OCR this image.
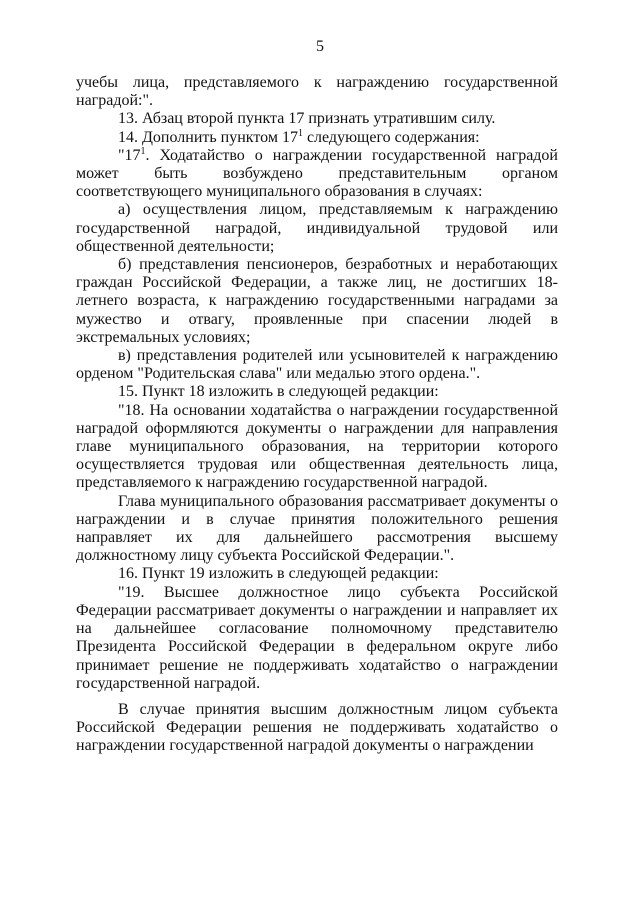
5

учебы лица, представляемого к награждению государственной наградой:".

13. Абзац второй пункта 17 признать утратившим силу.

14. Дополнить пунктом $17^1$ следующего содержания:

"$17^1$. Ходатайство о награждении государственной наградой может быть возбуждено представительным органом соответствующего муниципального образования в случаях:

а) осуществления лицом, представляемым к награждению государственной наградой, индивидуальной трудовой или общественной деятельности;

б) представления пенсионеров, безработных и неработающих граждан Российской Федерации, а также лиц, не достигших 18-летнего возраста, к награждению государственными наградами за мужество и отвагу, проявленные при спасении людей в экстремальных условиях;

в) представления родителей или усыновителей к награждению орденом "Родительская слава" или медалью этого ордена.".

15. Пункт 18 изложить в следующей редакции:

"18. На основании ходатайства о награждении государственной наградой оформляются документы о награждении для направления главе муниципального образования, на территории которого осуществляется трудовая или общественная деятельность лица, представляемого к награждению государственной наградой.

Глава муниципального образования рассматривает документы о награждении и в случае принятия положительного решения направляет их для дальнейшего рассмотрения высшему должностному лицу субъекта Российской Федерации.".

16. Пункт 19 изложить в следующей редакции:

"19. Высшее должностное лицо субъекта Российской Федерации рассматривает документы о награждении и направляет их на дальнейшее согласование полномочному представителю Президента Российской Федерации в федеральном округе либо принимает решение не поддерживать ходатайство о награждении государственной наградой.

В случае принятия высшим должностным лицом субъекта Российской Федерации решения не поддерживать ходатайство о награждении государственной наградой документы о награждении
